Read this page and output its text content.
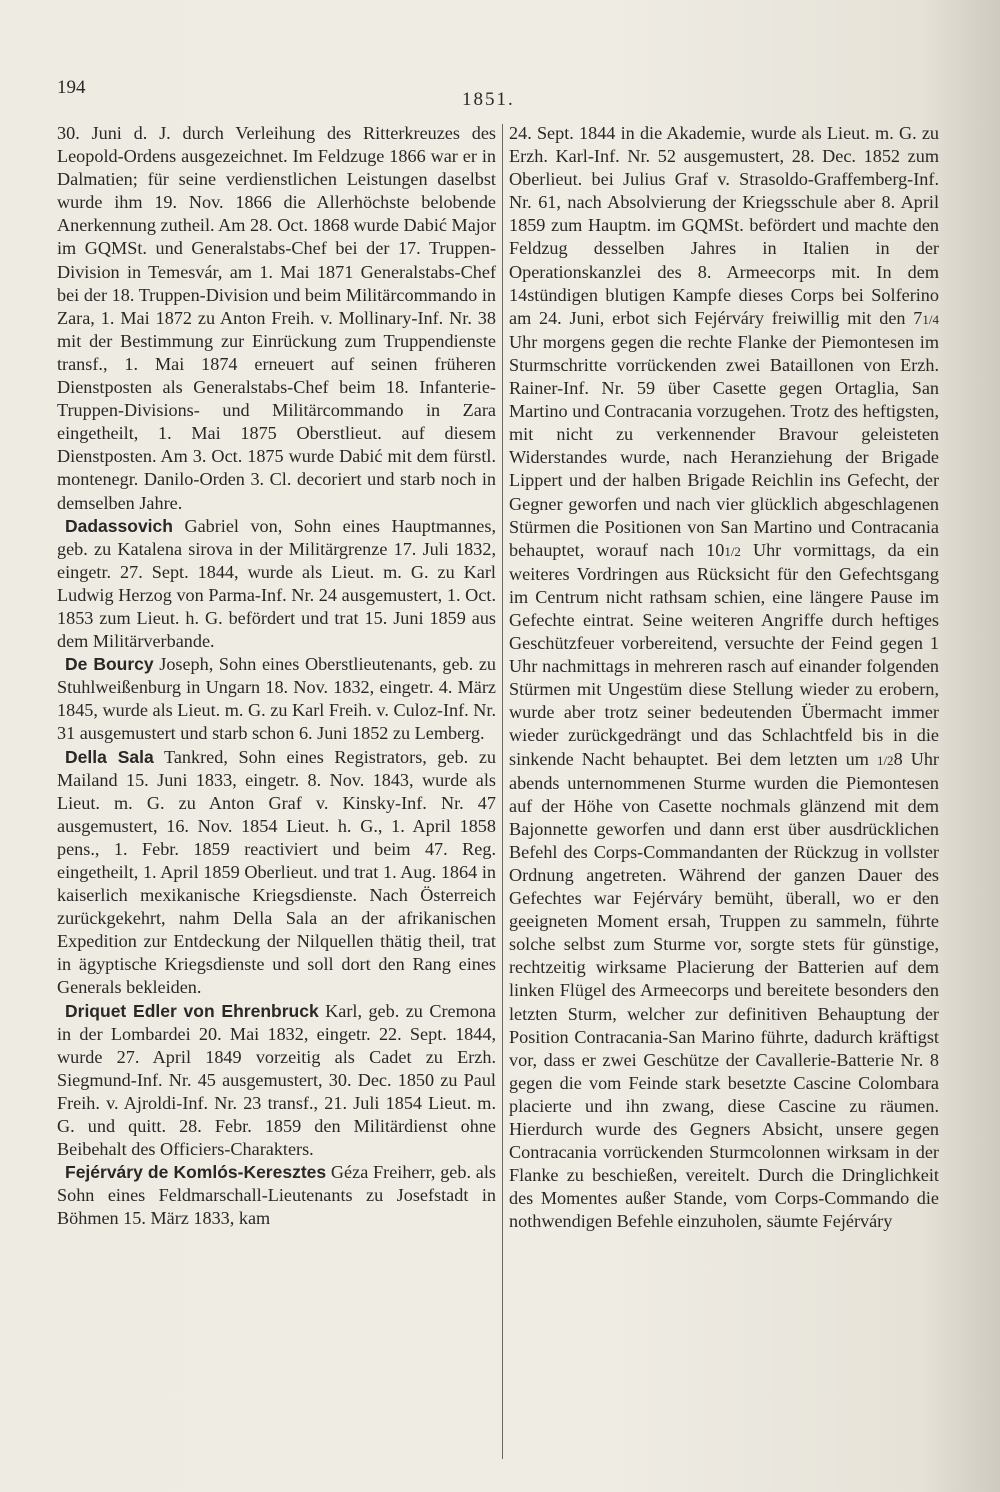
194
1851.

30. Juni d. J. durch Verleihung des Ritterkreuzes des Leopold-Ordens ausgezeichnet. Im Feldzuge 1866 war er in Dalmatien; für seine verdienstlichen Leistungen daselbst wurde ihm 19. Nov. 1866 die Allerhöchste belobende Anerkennung zutheil. Am 28. Oct. 1868 wurde Dabić Major im GQMSt. und Generalstabs-Chef bei der 17. Truppen-Division in Temesvár, am 1. Mai 1871 Generalstabs-Chef bei der 18. Truppen-Division und beim Militärcommando in Zara, 1. Mai 1872 zu Anton Freih. v. Mollinary-Inf. Nr. 38 mit der Bestimmung zur Einrückung zum Truppendienste transf., 1. Mai 1874 erneuert auf seinen früheren Dienstposten als Generalstabs-Chef beim 18. Infanterie-Truppen-Divisions- und Militärcommando in Zara eingetheilt, 1. Mai 1875 Oberstlieut. auf diesem Dienstposten. Am 3. Oct. 1875 wurde Dabić mit dem fürstl. montenegr. Danilo-Orden 3. Cl. decoriert und starb noch in demselben Jahre.

Dadassovich Gabriel von, Sohn eines Hauptmannes, geb. zu Katalena sirova in der Militärgrenze 17. Juli 1832, eingetr. 27. Sept. 1844, wurde als Lieut. m. G. zu Karl Ludwig Herzog von Parma-Inf. Nr. 24 ausgemustert, 1. Oct. 1853 zum Lieut. h. G. befördert und trat 15. Juni 1859 aus dem Militärverbande.

De Bourcy Joseph, Sohn eines Oberstlieutenants, geb. zu Stuhlweißenburg in Ungarn 18. Nov. 1832, eingetr. 4. März 1845, wurde als Lieut. m. G. zu Karl Freih. v. Culoz-Inf. Nr. 31 ausgemustert und starb schon 6. Juni 1852 zu Lemberg.

Della Sala Tankred, Sohn eines Registrators, geb. zu Mailand 15. Juni 1833, eingetr. 8. Nov. 1843, wurde als Lieut. m. G. zu Anton Graf v. Kinsky-Inf. Nr. 47 ausgemustert, 16. Nov. 1854 Lieut. h. G., 1. April 1858 pens., 1. Febr. 1859 reactiviert und beim 47. Reg. eingetheilt, 1. April 1859 Oberlieut. und trat 1. Aug. 1864 in kaiserlich mexikanische Kriegsdienste. Nach Österreich zurückgekehrt, nahm Della Sala an der afrikanischen Expedition zur Entdeckung der Nilquellen thätig theil, trat in ägyptische Kriegsdienste und soll dort den Rang eines Generals bekleiden.

Driquet Edler von Ehrenbruck Karl, geb. zu Cremona in der Lombardei 20. Mai 1832, eingetr. 22. Sept. 1844, wurde 27. April 1849 vorzeitig als Cadet zu Erzh. Siegmund-Inf. Nr. 45 ausgemustert, 30. Dec. 1850 zu Paul Freih. v. Ajroldi-Inf. Nr. 23 transf., 21. Juli 1854 Lieut. m. G. und quitt. 28. Febr. 1859 den Militärdienst ohne Beibehalt des Officiers-Charakters.

Fejérváry de Komlós-Keresztes Géza Freiherr, geb. als Sohn eines Feldmarschall-Lieutenants zu Josefstadt in Böhmen 15. März 1833, kam

24. Sept. 1844 in die Akademie, wurde als Lieut. m. G. zu Erzh. Karl-Inf. Nr. 52 ausgemustert, 28. Dec. 1852 zum Oberlieut. bei Julius Graf v. Strasoldo-Graffemberg-Inf. Nr. 61, nach Absolvierung der Kriegsschule aber 8. April 1859 zum Hauptm. im GQMSt. befördert und machte den Feldzug desselben Jahres in Italien in der Operationskanzlei des 8. Armeecorps mit. In dem 14stündigen blutigen Kampfe dieses Corps bei Solferino am 24. Juni, erbot sich Fejérváry freiwillig mit den 71/4 Uhr morgens gegen die rechte Flanke der Piemontesen im Sturmschritte vorrückenden zwei Bataillonen von Erzh. Rainer-Inf. Nr. 59 über Casette gegen Ortaglia, San Martino und Contracania vorzugehen. Trotz des heftigsten, mit nicht zu verkennender Bravour geleisteten Widerstandes wurde, nach Heranziehung der Brigade Lippert und der halben Brigade Reichlin ins Gefecht, der Gegner geworfen und nach vier glücklich abgeschlagenen Stürmen die Positionen von San Martino und Contracania behauptet, worauf nach 101/2 Uhr vormittags, da ein weiteres Vordringen aus Rücksicht für den Gefechtsgang im Centrum nicht rathsam schien, eine längere Pause im Gefechte eintrat. Seine weiteren Angriffe durch heftiges Geschützfeuer vorbereitend, versuchte der Feind gegen 1 Uhr nachmittags in mehreren rasch auf einander folgenden Stürmen mit Ungestüm diese Stellung wieder zu erobern, wurde aber trotz seiner bedeutenden Übermacht immer wieder zurückgedrängt und das Schlachtfeld bis in die sinkende Nacht behauptet. Bei dem letzten um 1/28 Uhr abends unternommenen Sturme wurden die Piemontesen auf der Höhe von Casette nochmals glänzend mit dem Bajonnette geworfen und dann erst über ausdrücklichen Befehl des Corps-Commandanten der Rückzug in vollster Ordnung angetreten. Während der ganzen Dauer des Gefechtes war Fejérváry bemüht, überall, wo er den geeigneten Moment ersah, Truppen zu sammeln, führte solche selbst zum Sturme vor, sorgte stets für günstige, rechtzeitig wirksame Placierung der Batterien auf dem linken Flügel des Armeecorps und bereitete besonders den letzten Sturm, welcher zur definitiven Behauptung der Position Contracania-San Marino führte, dadurch kräftigst vor, dass er zwei Geschütze der Cavallerie-Batterie Nr. 8 gegen die vom Feinde stark besetzte Cascine Colombara placierte und ihn zwang, diese Cascine zu räumen. Hierdurch wurde des Gegners Absicht, unsere gegen Contracania vorrückenden Sturmcolonnen wirksam in der Flanke zu beschießen, vereitelt. Durch die Dringlichkeit des Momentes außer Stande, vom Corps-Commando die nothwendigen Befehle einzuholen, säumte Fejérváry
